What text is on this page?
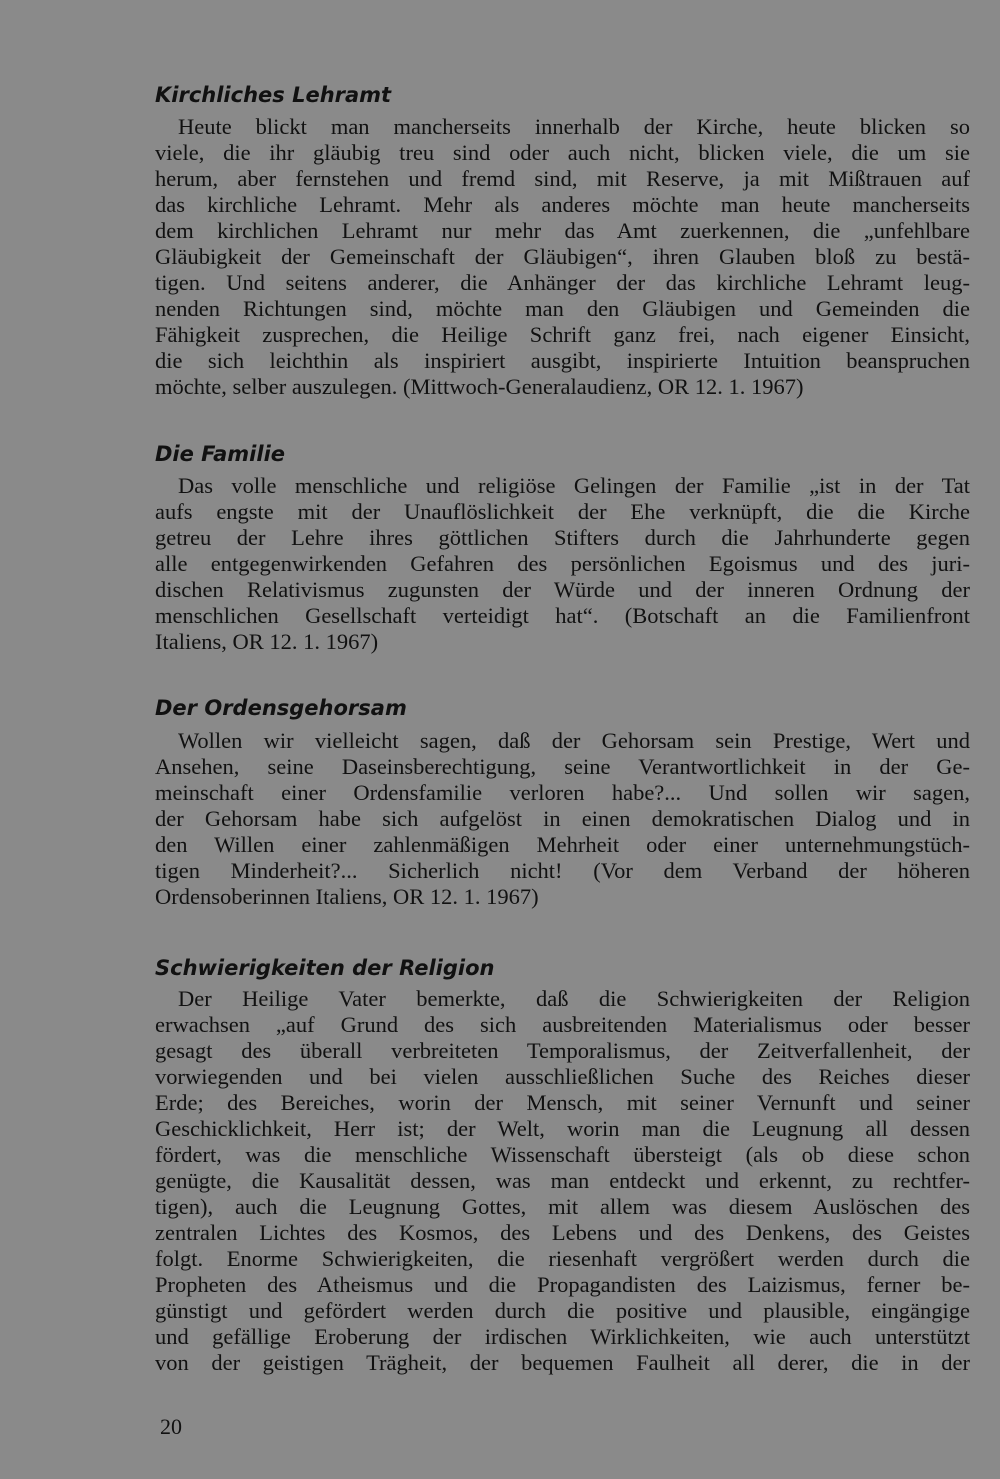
Kirchliches Lehramt
Heute blickt man mancherseits innerhalb der Kirche, heute blicken so
viele, die ihr gläubig treu sind oder auch nicht, blicken viele, die um sie
herum, aber fernstehen und fremd sind, mit Reserve, ja mit Mißtrauen auf
das kirchliche Lehramt. Mehr als anderes möchte man heute mancherseits
dem kirchlichen Lehramt nur mehr das Amt zuerkennen, die „unfehlbare
Gläubigkeit der Gemeinschaft der Gläubigen“, ihren Glauben bloß zu bestä-
tigen. Und seitens anderer, die Anhänger der das kirchliche Lehramt leug-
nenden Richtungen sind, möchte man den Gläubigen und Gemeinden die
Fähigkeit zusprechen, die Heilige Schrift ganz frei, nach eigener Einsicht,
die sich leichthin als inspiriert ausgibt, inspirierte Intuition beanspruchen
möchte, selber auszulegen. (Mittwoch-Generalaudienz, OR 12. 1. 1967)
Die Familie
Das volle menschliche und religiöse Gelingen der Familie „ist in der Tat
aufs engste mit der Unauflöslichkeit der Ehe verknüpft, die die Kirche
getreu der Lehre ihres göttlichen Stifters durch die Jahrhunderte gegen
alle entgegenwirkenden Gefahren des persönlichen Egoismus und des juri-
dischen Relativismus zugunsten der Würde und der inneren Ordnung der
menschlichen Gesellschaft verteidigt hat“. (Botschaft an die Familienfront
Italiens, OR 12. 1. 1967)
Der Ordensgehorsam
Wollen wir vielleicht sagen, daß der Gehorsam sein Prestige, Wert und
Ansehen, seine Daseinsberechtigung, seine Verantwortlichkeit in der Ge-
meinschaft einer Ordensfamilie verloren habe?... Und sollen wir sagen,
der Gehorsam habe sich aufgelöst in einen demokratischen Dialog und in
den Willen einer zahlenmäßigen Mehrheit oder einer unternehmungstüch-
tigen Minderheit?... Sicherlich nicht! (Vor dem Verband der höheren
Ordensoberinnen Italiens, OR 12. 1. 1967)
Schwierigkeiten der Religion
Der Heilige Vater bemerkte, daß die Schwierigkeiten der Religion
erwachsen „auf Grund des sich ausbreitenden Materialismus oder besser
gesagt des überall verbreiteten Temporalismus, der Zeitverfallenheit, der
vorwiegenden und bei vielen ausschließlichen Suche des Reiches dieser
Erde; des Bereiches, worin der Mensch, mit seiner Vernunft und seiner
Geschicklichkeit, Herr ist; der Welt, worin man die Leugnung all dessen
fördert, was die menschliche Wissenschaft übersteigt (als ob diese schon
genügte, die Kausalität dessen, was man entdeckt und erkennt, zu rechtfer-
tigen), auch die Leugnung Gottes, mit allem was diesem Auslöschen des
zentralen Lichtes des Kosmos, des Lebens und des Denkens, des Geistes
folgt. Enorme Schwierigkeiten, die riesenhaft vergrößert werden durch die
Propheten des Atheismus und die Propagandisten des Laizismus, ferner be-
günstigt und gefördert werden durch die positive und plausible, eingängige
und gefällige Eroberung der irdischen Wirklichkeiten, wie auch unterstützt
von der geistigen Trägheit, der bequemen Faulheit all derer, die in der
20
